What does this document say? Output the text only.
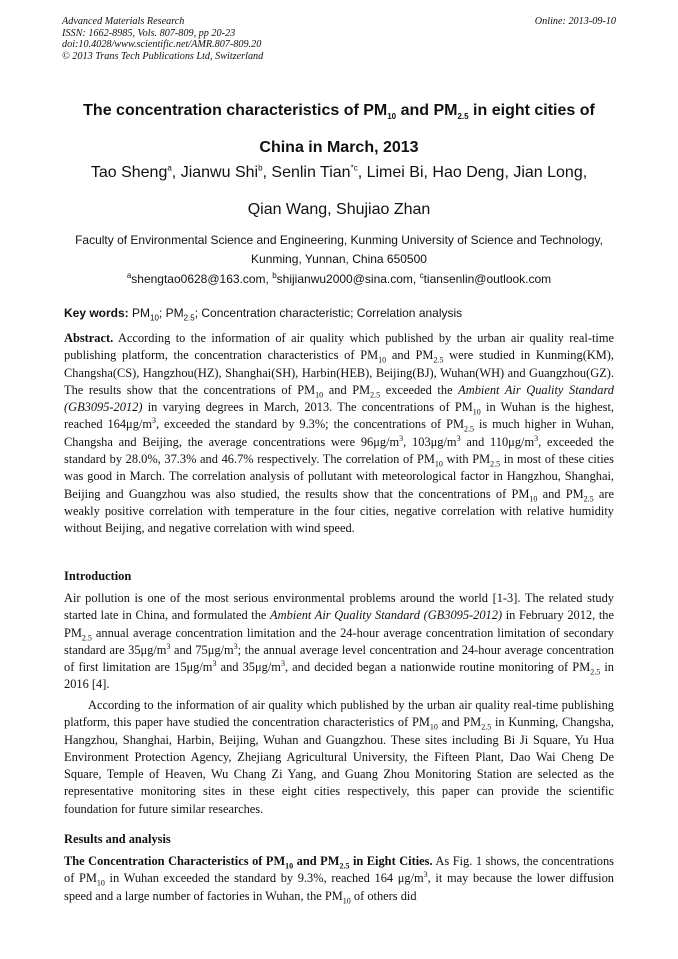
Advanced Materials Research
ISSN: 1662-8985, Vols. 807-809, pp 20-23
doi:10.4028/www.scientific.net/AMR.807-809.20
© 2013 Trans Tech Publications Ltd, Switzerland
Online: 2013-09-10
The concentration characteristics of $PM_{10}$ and $PM_{2.5}$ in eight cities of
China in March, 2013
Tao Sheng$^a$, Jianwu Shi$^b$, Senlin Tian$^{*c}$, Limei Bi, Hao Deng, Jian Long,
Qian Wang, Shujiao Zhan
Faculty of Environmental Science and Engineering, Kunming University of Science and Technology,
Kunming, Yunnan, China 650500
$^a$shengtao0628@163.com, $^b$shijianwu2000@sina.com, $^c$tiansenlin@outlook.com
Key words: $PM_{10}$; $PM_{2.5}$; Concentration characteristic; Correlation analysis
Abstract. According to the information of air quality which published by the urban air quality real-time publishing platform, the concentration characteristics of $PM_{10}$ and $PM_{2.5}$ were studied in Kunming(KM), Changsha(CS), Hangzhou(HZ), Shanghai(SH), Harbin(HEB), Beijing(BJ), Wuhan(WH) and Guangzhou(GZ). The results show that the concentrations of $PM_{10}$ and $PM_{2.5}$ exceeded the Ambient Air Quality Standard (GB3095-2012) in varying degrees in March, 2013. The concentrations of $PM_{10}$ in Wuhan is the highest, reached $164\mu g/m^3$, exceeded the standard by 9.3%; the concentrations of $PM_{2.5}$ is much higher in Wuhan, Changsha and Beijing, the average concentrations were $96\mu g/m^3$, $103\mu g/m^3$ and $110\mu g/m^3$, exceeded the standard by 28.0%, 37.3% and 46.7% respectively. The correlation of $PM_{10}$ with $PM_{2.5}$ in most of these cities was good in March. The correlation analysis of pollutant with meteorological factor in Hangzhou, Shanghai, Beijing and Guangzhou was also studied, the results show that the concentrations of $PM_{10}$ and $PM_{2.5}$ are weakly positive correlation with temperature in the four cities, negative correlation with relative humidity without Beijing, and negative correlation with wind speed.
Introduction
Air pollution is one of the most serious environmental problems around the world [1-3]. The related study started late in China, and formulated the Ambient Air Quality Standard (GB3095-2012) in February 2012, the $PM_{2.5}$ annual average concentration limitation and the 24-hour average concentration limitation of secondary standard are $35\mu g/m^3$ and $75\mu g/m^3$; the annual average level concentration and 24-hour average concentration of first limitation are $15\mu g/m^3$ and $35\mu g/m^3$, and decided began a nationwide routine monitoring of $PM_{2.5}$ in 2016 [4].
According to the information of air quality which published by the urban air quality real-time publishing platform, this paper have studied the concentration characteristics of $PM_{10}$ and $PM_{2.5}$ in Kunming, Changsha, Hangzhou, Shanghai, Harbin, Beijing, Wuhan and Guangzhou. These sites including Bi Ji Square, Yu Hua Environment Protection Agency, Zhejiang Agricultural University, the Fifteen Plant, Dao Wai Cheng De Square, Temple of Heaven, Wu Chang Zi Yang, and Guang Zhou Monitoring Station are selected as the representative monitoring sites in these eight cities respectively, this paper can provide the scientific foundation for future similar researches.
Results and analysis
The Concentration Characteristics of $PM_{10}$ and $PM_{2.5}$ in Eight Cities. As Fig. 1 shows, the concentrations of $PM_{10}$ in Wuhan exceeded the standard by 9.3%, reached 164 $\mu g/m^3$, it may because the lower diffusion speed and a large number of factories in Wuhan, the $PM_{10}$ of others did
